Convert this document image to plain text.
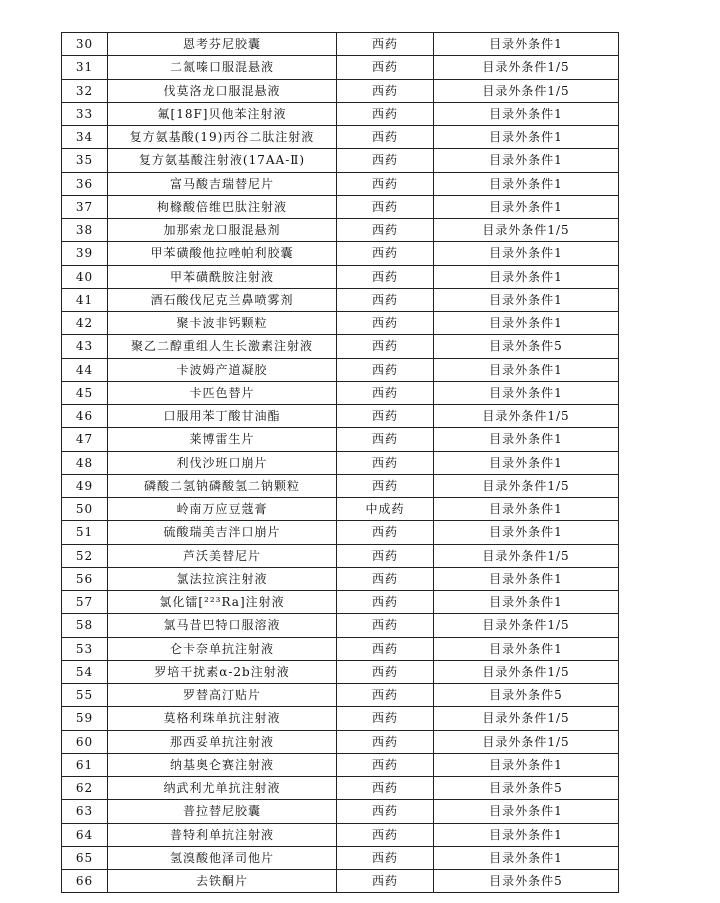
30	恩考芬尼胶囊	西药	目录外条件1
31	二氮嗪口服混悬液	西药	目录外条件1/5
32	伐莫洛龙口服混悬液	西药	目录外条件1/5
33	氟[18F]贝他苯注射液	西药	目录外条件1
34	复方氨基酸(19)丙谷二肽注射液	西药	目录外条件1
35	复方氨基酸注射液(17AA-Ⅱ)	西药	目录外条件1
36	富马酸吉瑞替尼片	西药	目录外条件1
37	枸橼酸倍维巴肽注射液	西药	目录外条件1
38	加那索龙口服混悬剂	西药	目录外条件1/5
39	甲苯磺酸他拉唑帕利胶囊	西药	目录外条件1
40	甲苯磺酰胺注射液	西药	目录外条件1
41	酒石酸伐尼克兰鼻喷雾剂	西药	目录外条件1
42	聚卡波非钙颗粒	西药	目录外条件1
43	聚乙二醇重组人生长激素注射液	西药	目录外条件5
44	卡波姆产道凝胶	西药	目录外条件1
45	卡匹色替片	西药	目录外条件1
46	口服用苯丁酸甘油酯	西药	目录外条件1/5
47	莱博雷生片	西药	目录外条件1
48	利伐沙班口崩片	西药	目录外条件1
49	磷酸二氢钠磷酸氢二钠颗粒	西药	目录外条件1/5
50	岭南万应豆蔻膏	中成药	目录外条件1
51	硫酸瑞美吉泮口崩片	西药	目录外条件1
52	芦沃美替尼片	西药	目录外条件1/5
56	氯法拉滨注射液	西药	目录外条件1
57	氯化镭[²²³Ra]注射液	西药	目录外条件1
58	氯马昔巴特口服溶液	西药	目录外条件1/5
53	仑卡奈单抗注射液	西药	目录外条件1
54	罗培干扰素α-2b注射液	西药	目录外条件1/5
55	罗替高汀贴片	西药	目录外条件5
59	莫格利珠单抗注射液	西药	目录外条件1/5
60	那西妥单抗注射液	西药	目录外条件1/5
61	纳基奥仑赛注射液	西药	目录外条件1
62	纳武利尤单抗注射液	西药	目录外条件5
63	普拉替尼胶囊	西药	目录外条件1
64	普特利单抗注射液	西药	目录外条件1
65	氢溴酸他泽司他片	西药	目录外条件1
66	去铁酮片	西药	目录外条件5
